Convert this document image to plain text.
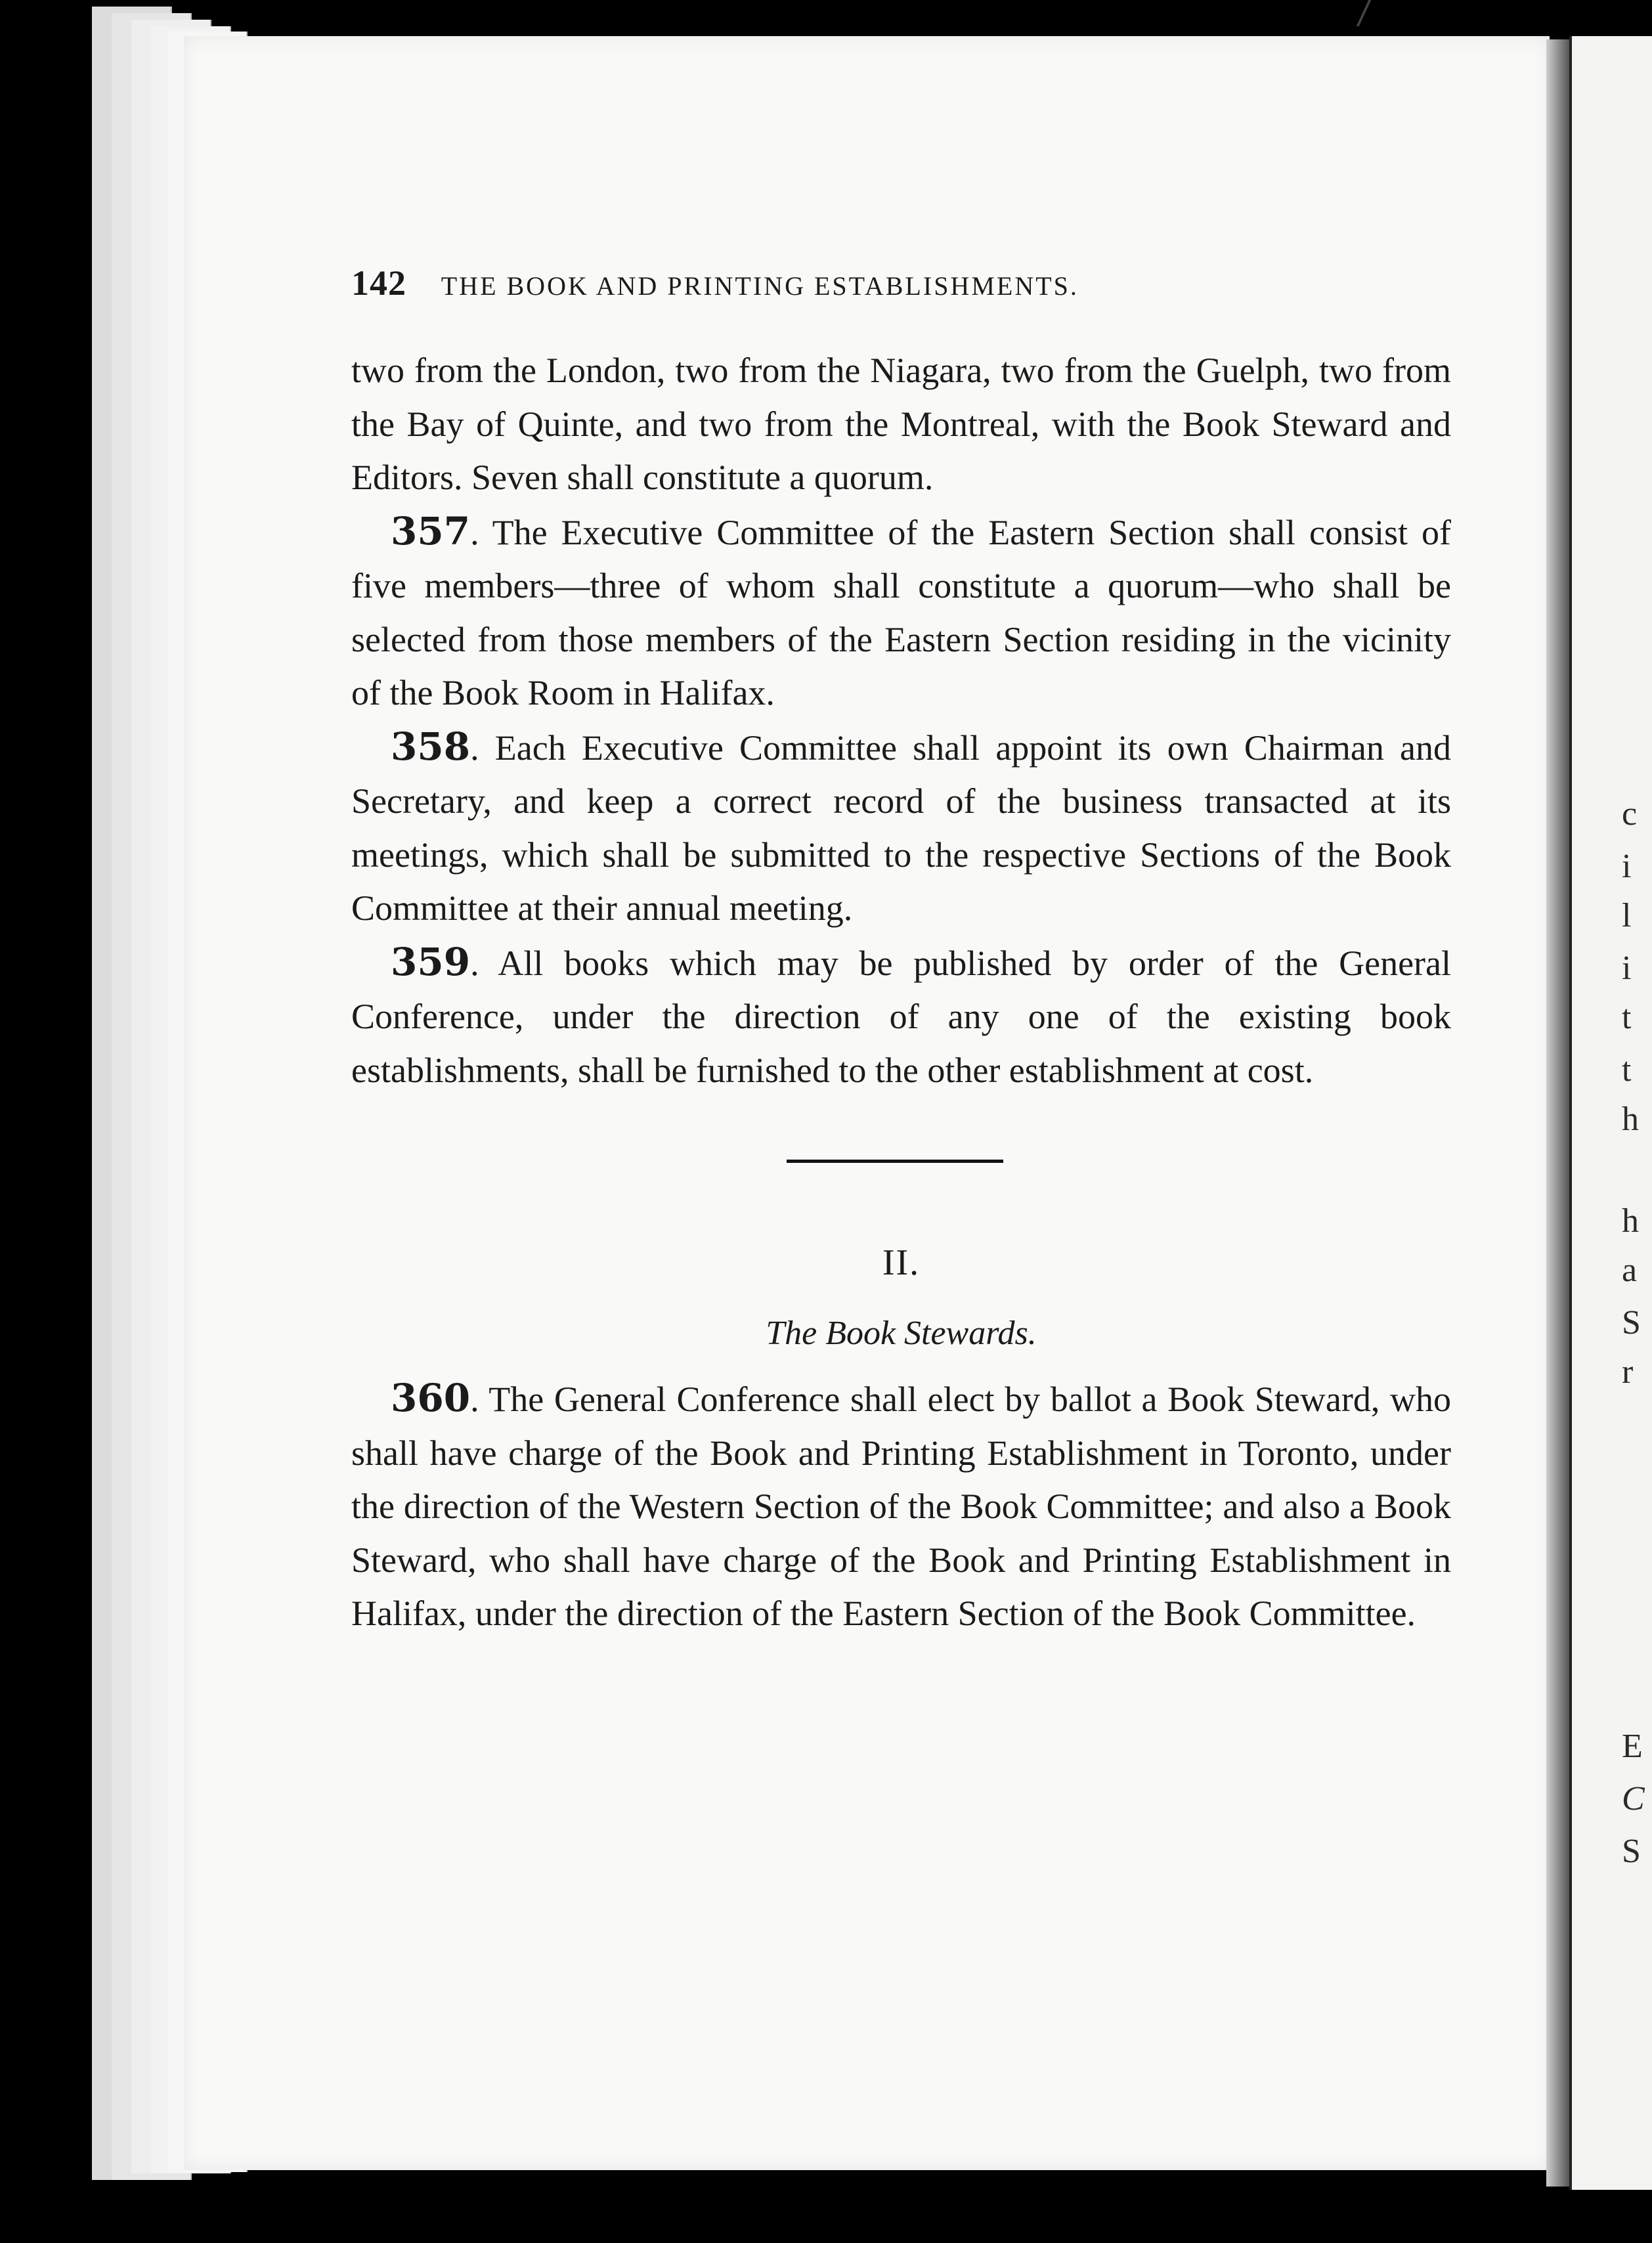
142 THE BOOK AND PRINTING ESTABLISHMENTS.

two from the London, two from the Niagara, two from the Guelph, two from the Bay of Quinte, and two from the Montreal, with the Book Steward and Editors. Seven shall constitute a quorum.

357. The Executive Committee of the Eastern Section shall consist of five members—three of whom shall constitute a quorum—who shall be selected from those members of the Eastern Section residing in the vicinity of the Book Room in Halifax.

358. Each Executive Committee shall appoint its own Chairman and Secretary, and keep a correct record of the business transacted at its meetings, which shall be submitted to the respective Sections of the Book Committee at their annual meeting.

359. All books which may be published by order of the General Conference, under the direction of any one of the existing book establishments, shall be furnished to the other establishment at cost.

II.
The Book Stewards.

360. The General Conference shall elect by ballot a Book Steward, who shall have charge of the Book and Printing Establishment in Toronto, under the direction of the Western Section of the Book Committee; and also a Book Steward, who shall have charge of the Book and Printing Establishment in Halifax, under the direction of the Eastern Section of the Book Committee.

c
i
l
i
t
t
h
h
a
S
r
E
C
S
